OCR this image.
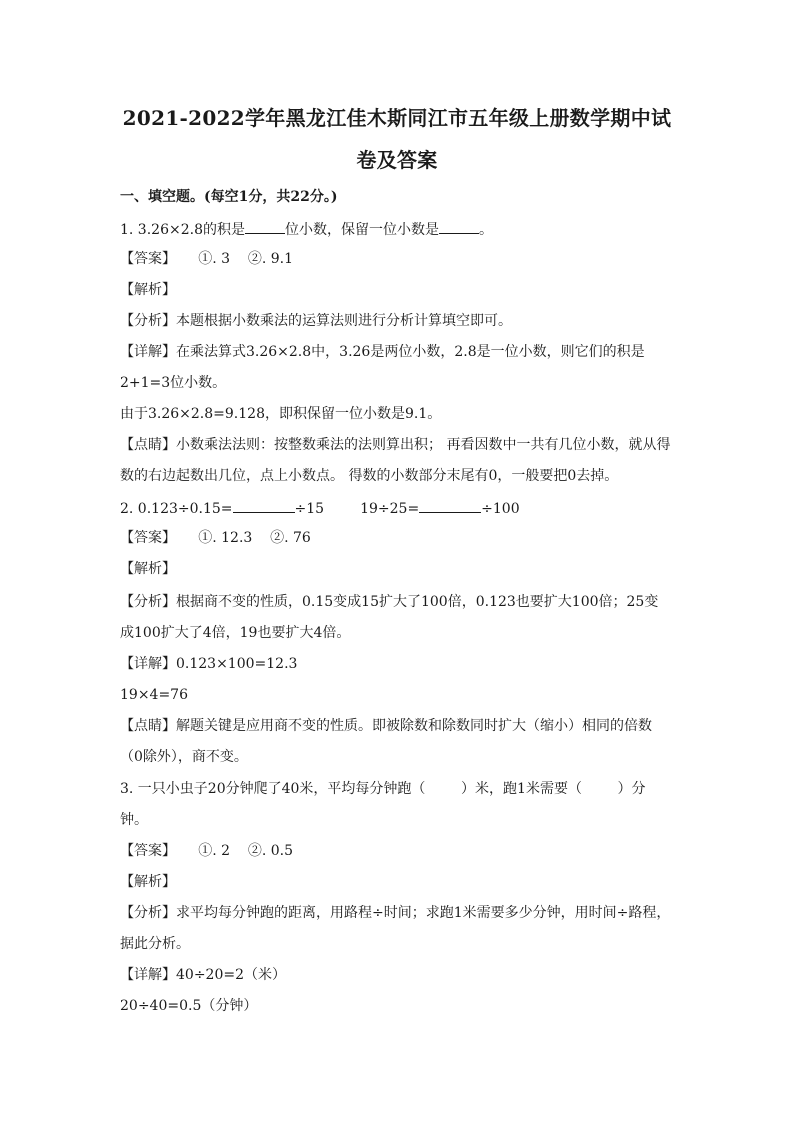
2021-2022学年黑龙江佳木斯同江市五年级上册数学期中试
卷及答案
一、填空题。(每空1分，共22分。)
1. 3.26×2.8的积是	位小数，保留一位小数是	。
【答案】     ①. 3    ②. 9.1
【解析】
【分析】本题根据小数乘法的运算法则进行分析计算填空即可。
【详解】在乘法算式3.26×2.8中，3.26是两位小数，2.8是一位小数，则它们的积是
2+1=3位小数。
由于3.26×2.8=9.128，即积保留一位小数是9.1。
【点睛】小数乘法法则：按整数乘法的法则算出积； 再看因数中一共有几位小数，就从得
数的右边起数出几位，点上小数点。 得数的小数部分末尾有0，一般要把0去掉。
2. 0.123÷0.15=	÷15	19÷25=	÷100
【答案】     ①. 12.3    ②. 76
【解析】
【分析】根据商不变的性质，0.15变成15扩大了100倍，0.123也要扩大100倍；25变
成100扩大了4倍，19也要扩大4倍。
【详解】0.123×100=12.3
19×4=76
【点睛】解题关键是应用商不变的性质。即被除数和除数同时扩大（缩小）相同的倍数
（0除外），商不变。
3. 一只小虫子20分钟爬了40米，平均每分钟跑（        ）米，跑1米需要（        ）分
钟。
【答案】     ①. 2    ②. 0.5
【解析】
【分析】求平均每分钟跑的距离，用路程÷时间；求跑1米需要多少分钟，用时间÷路程，
据此分析。
【详解】40÷20=2（米）
20÷40=0.5（分钟）
